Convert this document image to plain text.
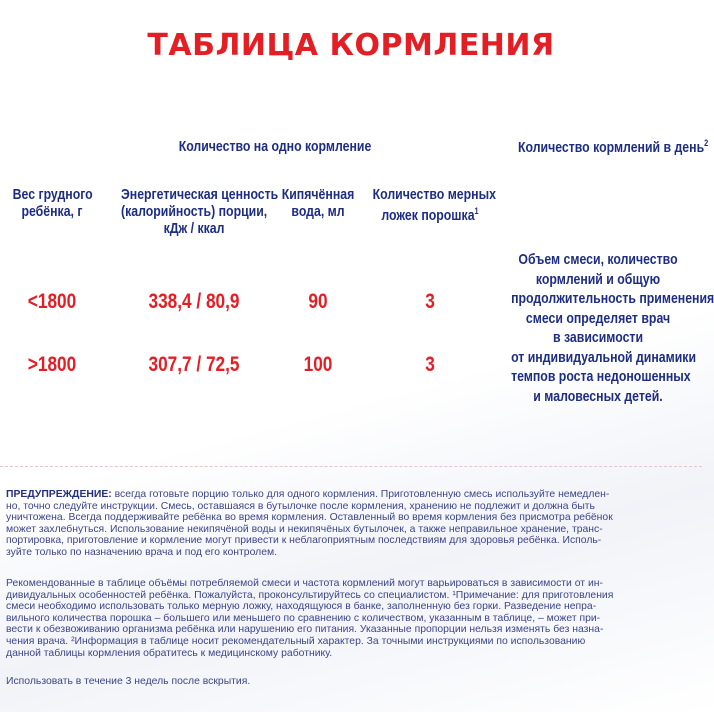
ТАБЛИЦА КОРМЛЕНИЯ
Количество на одно кормление	Количество кормлений в день$^2$
Вес грудного
ребёнка, г
Энергетическая ценность
(калорийность) порции,
кДж / ккал
Кипячённая
вода, мл
Количество мерных
ложек порошка$^1$
<1800	338,4 / 80,9	90	3
>1800	307,7 / 72,5	100	3
Объем смеси, количество
кормлений и общую
продолжительность применения
смеси определяет врач
в зависимости
от индивидуальной динамики
темпов роста недоношенных
и маловесных детей.
ПРЕДУПРЕЖДЕНИЕ: всегда готовьте порцию только для одного кормления. Приготовленную смесь используйте немедлен-
но, точно следуйте инструкции. Смесь, оставшаяся в бутылочке после кормления, хранению не подлежит и должна быть
уничтожена. Всегда поддерживайте ребёнка во время кормления. Оставленный во время кормления без присмотра ребёнок
может захлебнуться. Использование некипячёной воды и некипячёных бутылочек, а также неправильное хранение, транс-
портировка, приготовление и кормление могут привести к неблагоприятным последствиям для здоровья ребёнка. Исполь-
зуйте только по назначению врача и под его контролем.
Рекомендованные в таблице объёмы потребляемой смеси и частота кормлений могут варьироваться в зависимости от ин-
дивидуальных особенностей ребёнка. Пожалуйста, проконсультируйтесь со специалистом. ¹Примечание: для приготовления
смеси необходимо использовать только мерную ложку, находящуюся в банке, заполненную без горки. Разведение непра-
вильного количества порошка – большего или меньшего по сравнению с количеством, указанным в таблице, – может при-
вести к обезвоживанию организма ребёнка или нарушению его питания. Указанные пропорции нельзя изменять без назна-
чения врача. ²Информация в таблице носит рекомендательный характер. За точными инструкциями по использованию
данной таблицы кормления обратитесь к медицинскому работнику.
Использовать в течение 3 недель после вскрытия.
